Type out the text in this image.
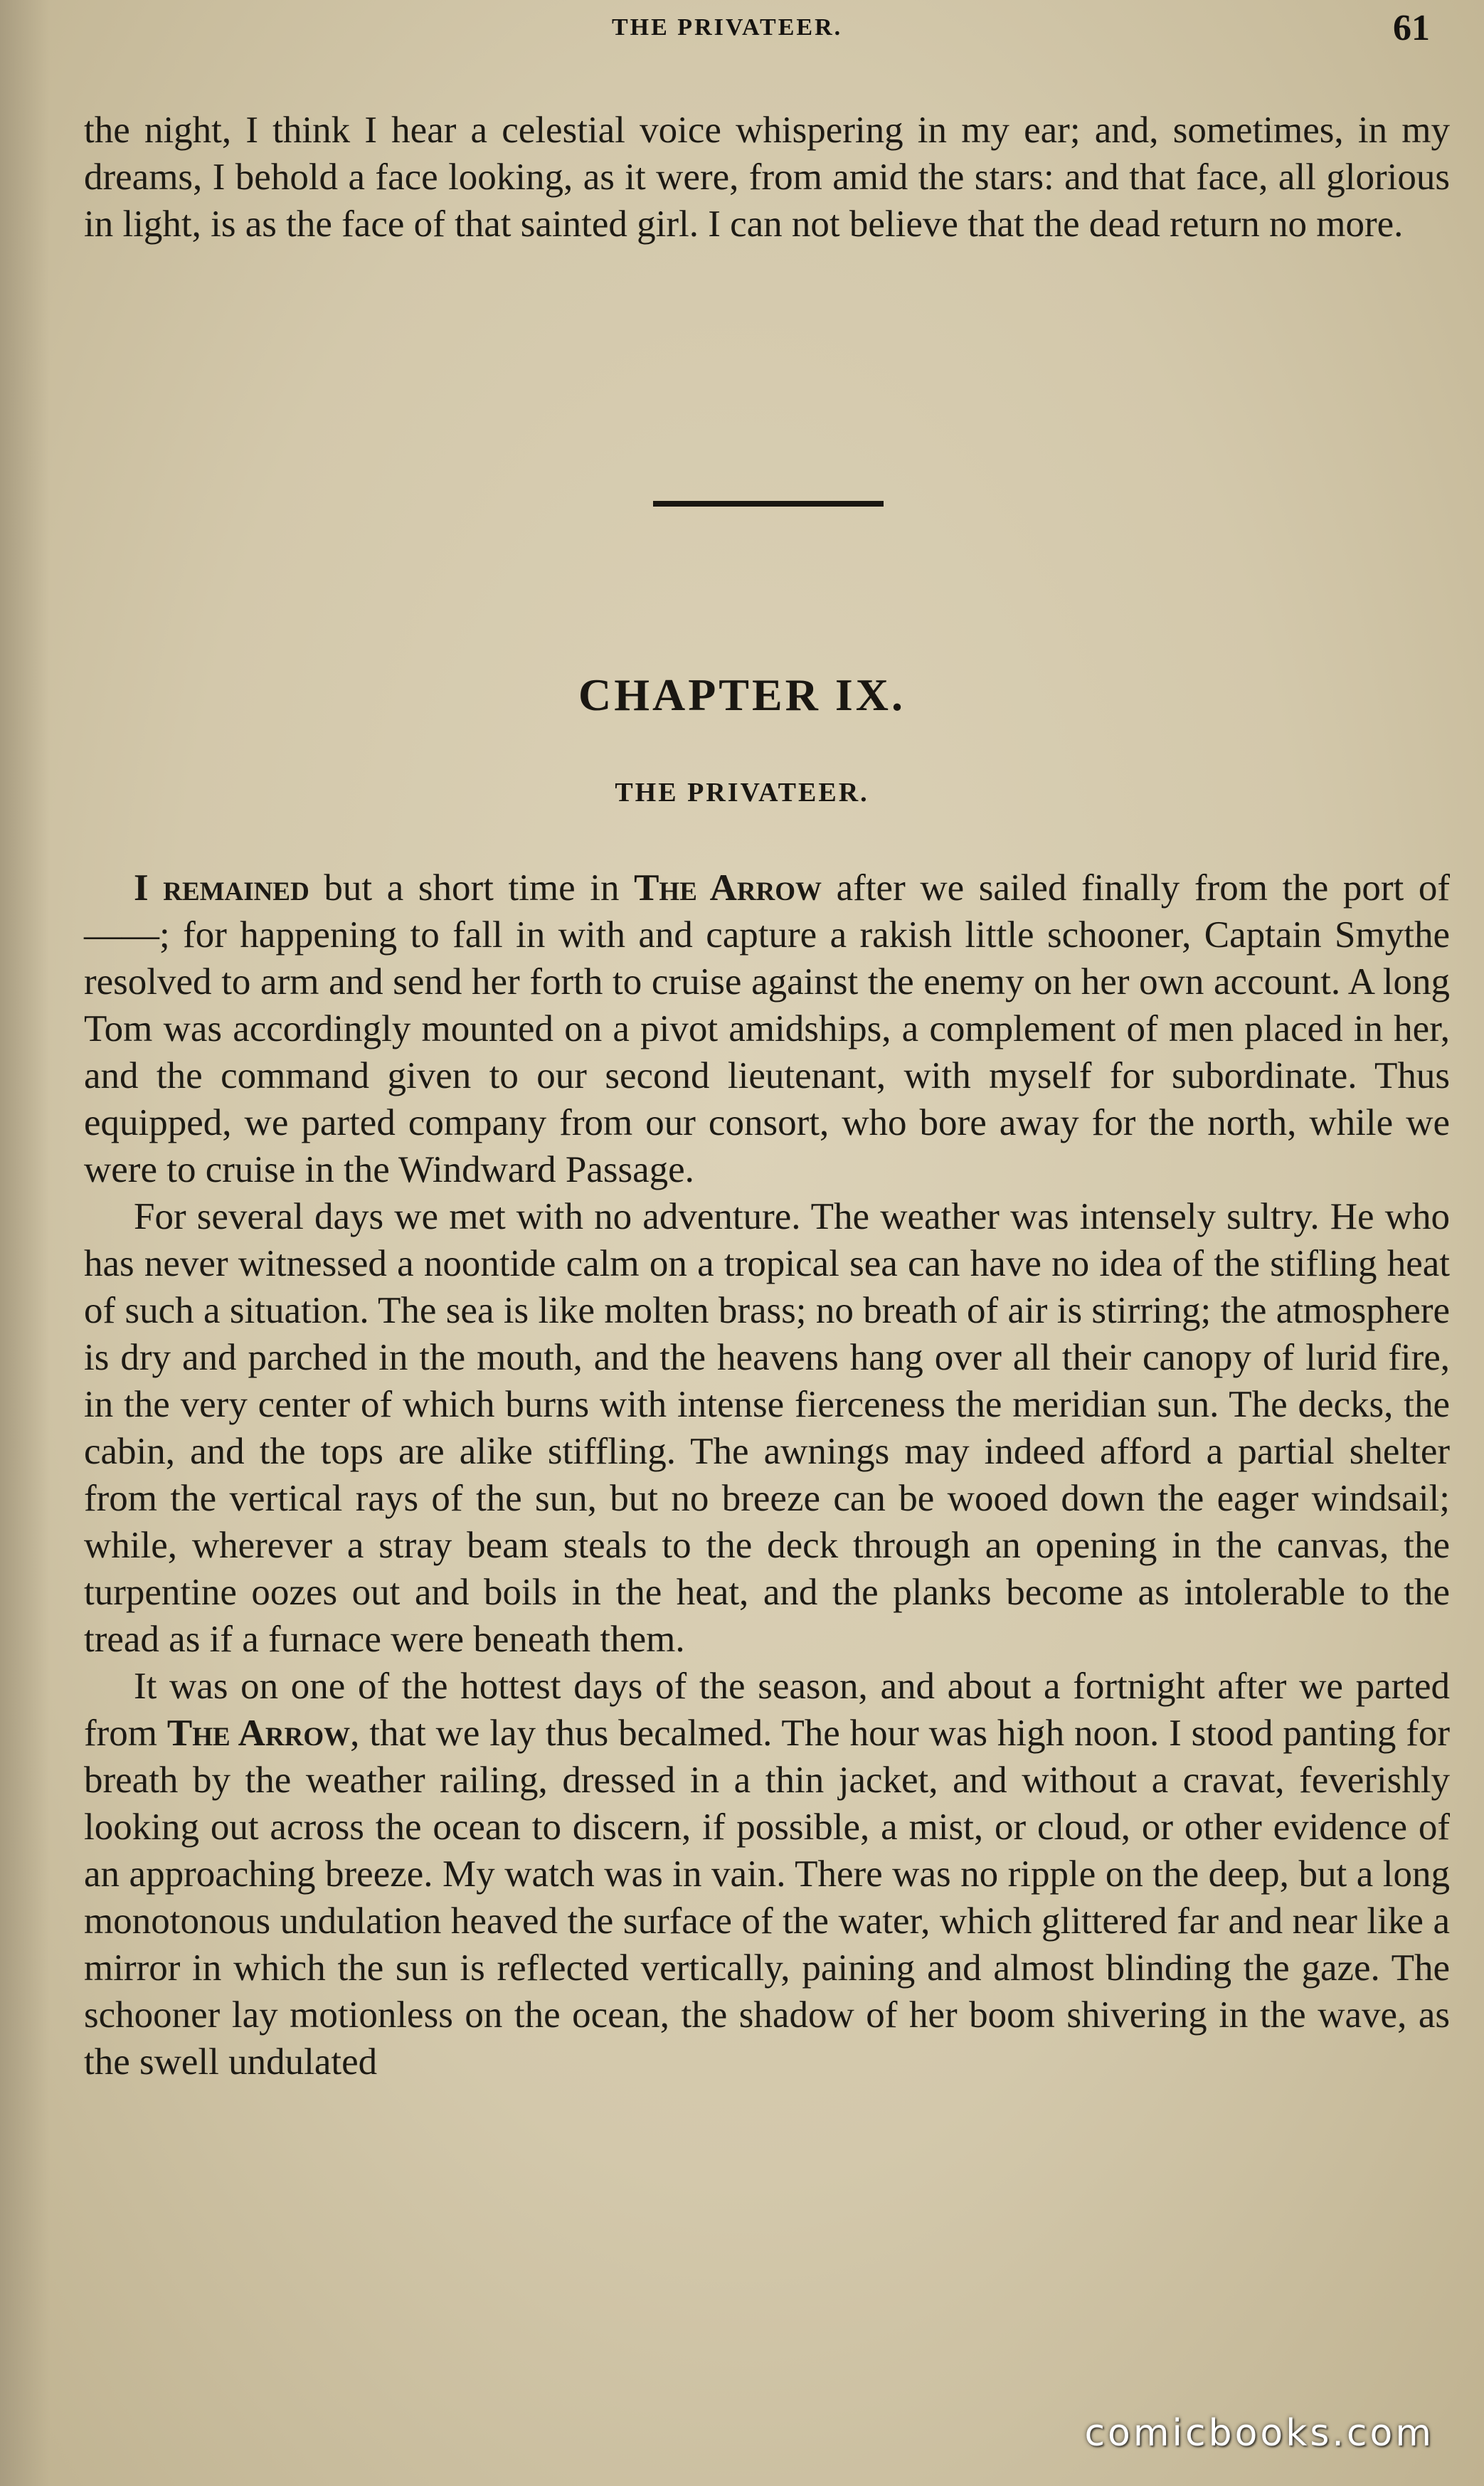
THE PRIVATEER.	61

the night, I think I hear a celestial voice whispering in my ear; and, sometimes, in my dreams, I behold a face looking, as it were, from amid the stars: and that face, all glorious in light, is as the face of that sainted girl. I can not believe that the dead return no more.

CHAPTER IX.
THE PRIVATEER.

I remained but a short time in The Arrow after we sailed finally from the port of——; for happening to fall in with and capture a rakish little schooner, Captain Smythe resolved to arm and send her forth to cruise against the enemy on her own account. A long Tom was accordingly mounted on a pivot amidships, a complement of men placed in her, and the command given to our second lieutenant, with myself for subordinate. Thus equipped, we parted company from our consort, who bore away for the north, while we were to cruise in the Windward Passage.

For several days we met with no adventure. The weather was intensely sultry. He who has never witnessed a noontide calm on a tropical sea can have no idea of the stifling heat of such a situation. The sea is like molten brass; no breath of air is stirring; the atmosphere is dry and parched in the mouth, and the heavens hang over all their canopy of lurid fire, in the very center of which burns with intense fierceness the meridian sun. The decks, the cabin, and the tops are alike stiffling. The awnings may indeed afford a partial shelter from the vertical rays of the sun, but no breeze can be wooed down the eager windsail; while, wherever a stray beam steals to the deck through an opening in the canvas, the turpentine oozes out and boils in the heat, and the planks become as intolerable to the tread as if a furnace were beneath them.

It was on one of the hottest days of the season, and about a fortnight after we parted from The Arrow, that we lay thus becalmed. The hour was high noon. I stood panting for breath by the weather railing, dressed in a thin jacket, and without a cravat, feverishly looking out across the ocean to discern, if possible, a mist, or cloud, or other evidence of an approaching breeze. My watch was in vain. There was no ripple on the deep, but a long monotonous undulation heaved the surface of the water, which glittered far and near like a mirror in which the sun is reflected vertically, paining and almost blinding the gaze. The schooner lay motionless on the ocean, the shadow of her boom shivering in the wave, as the swell undulated

comicbooks.com
